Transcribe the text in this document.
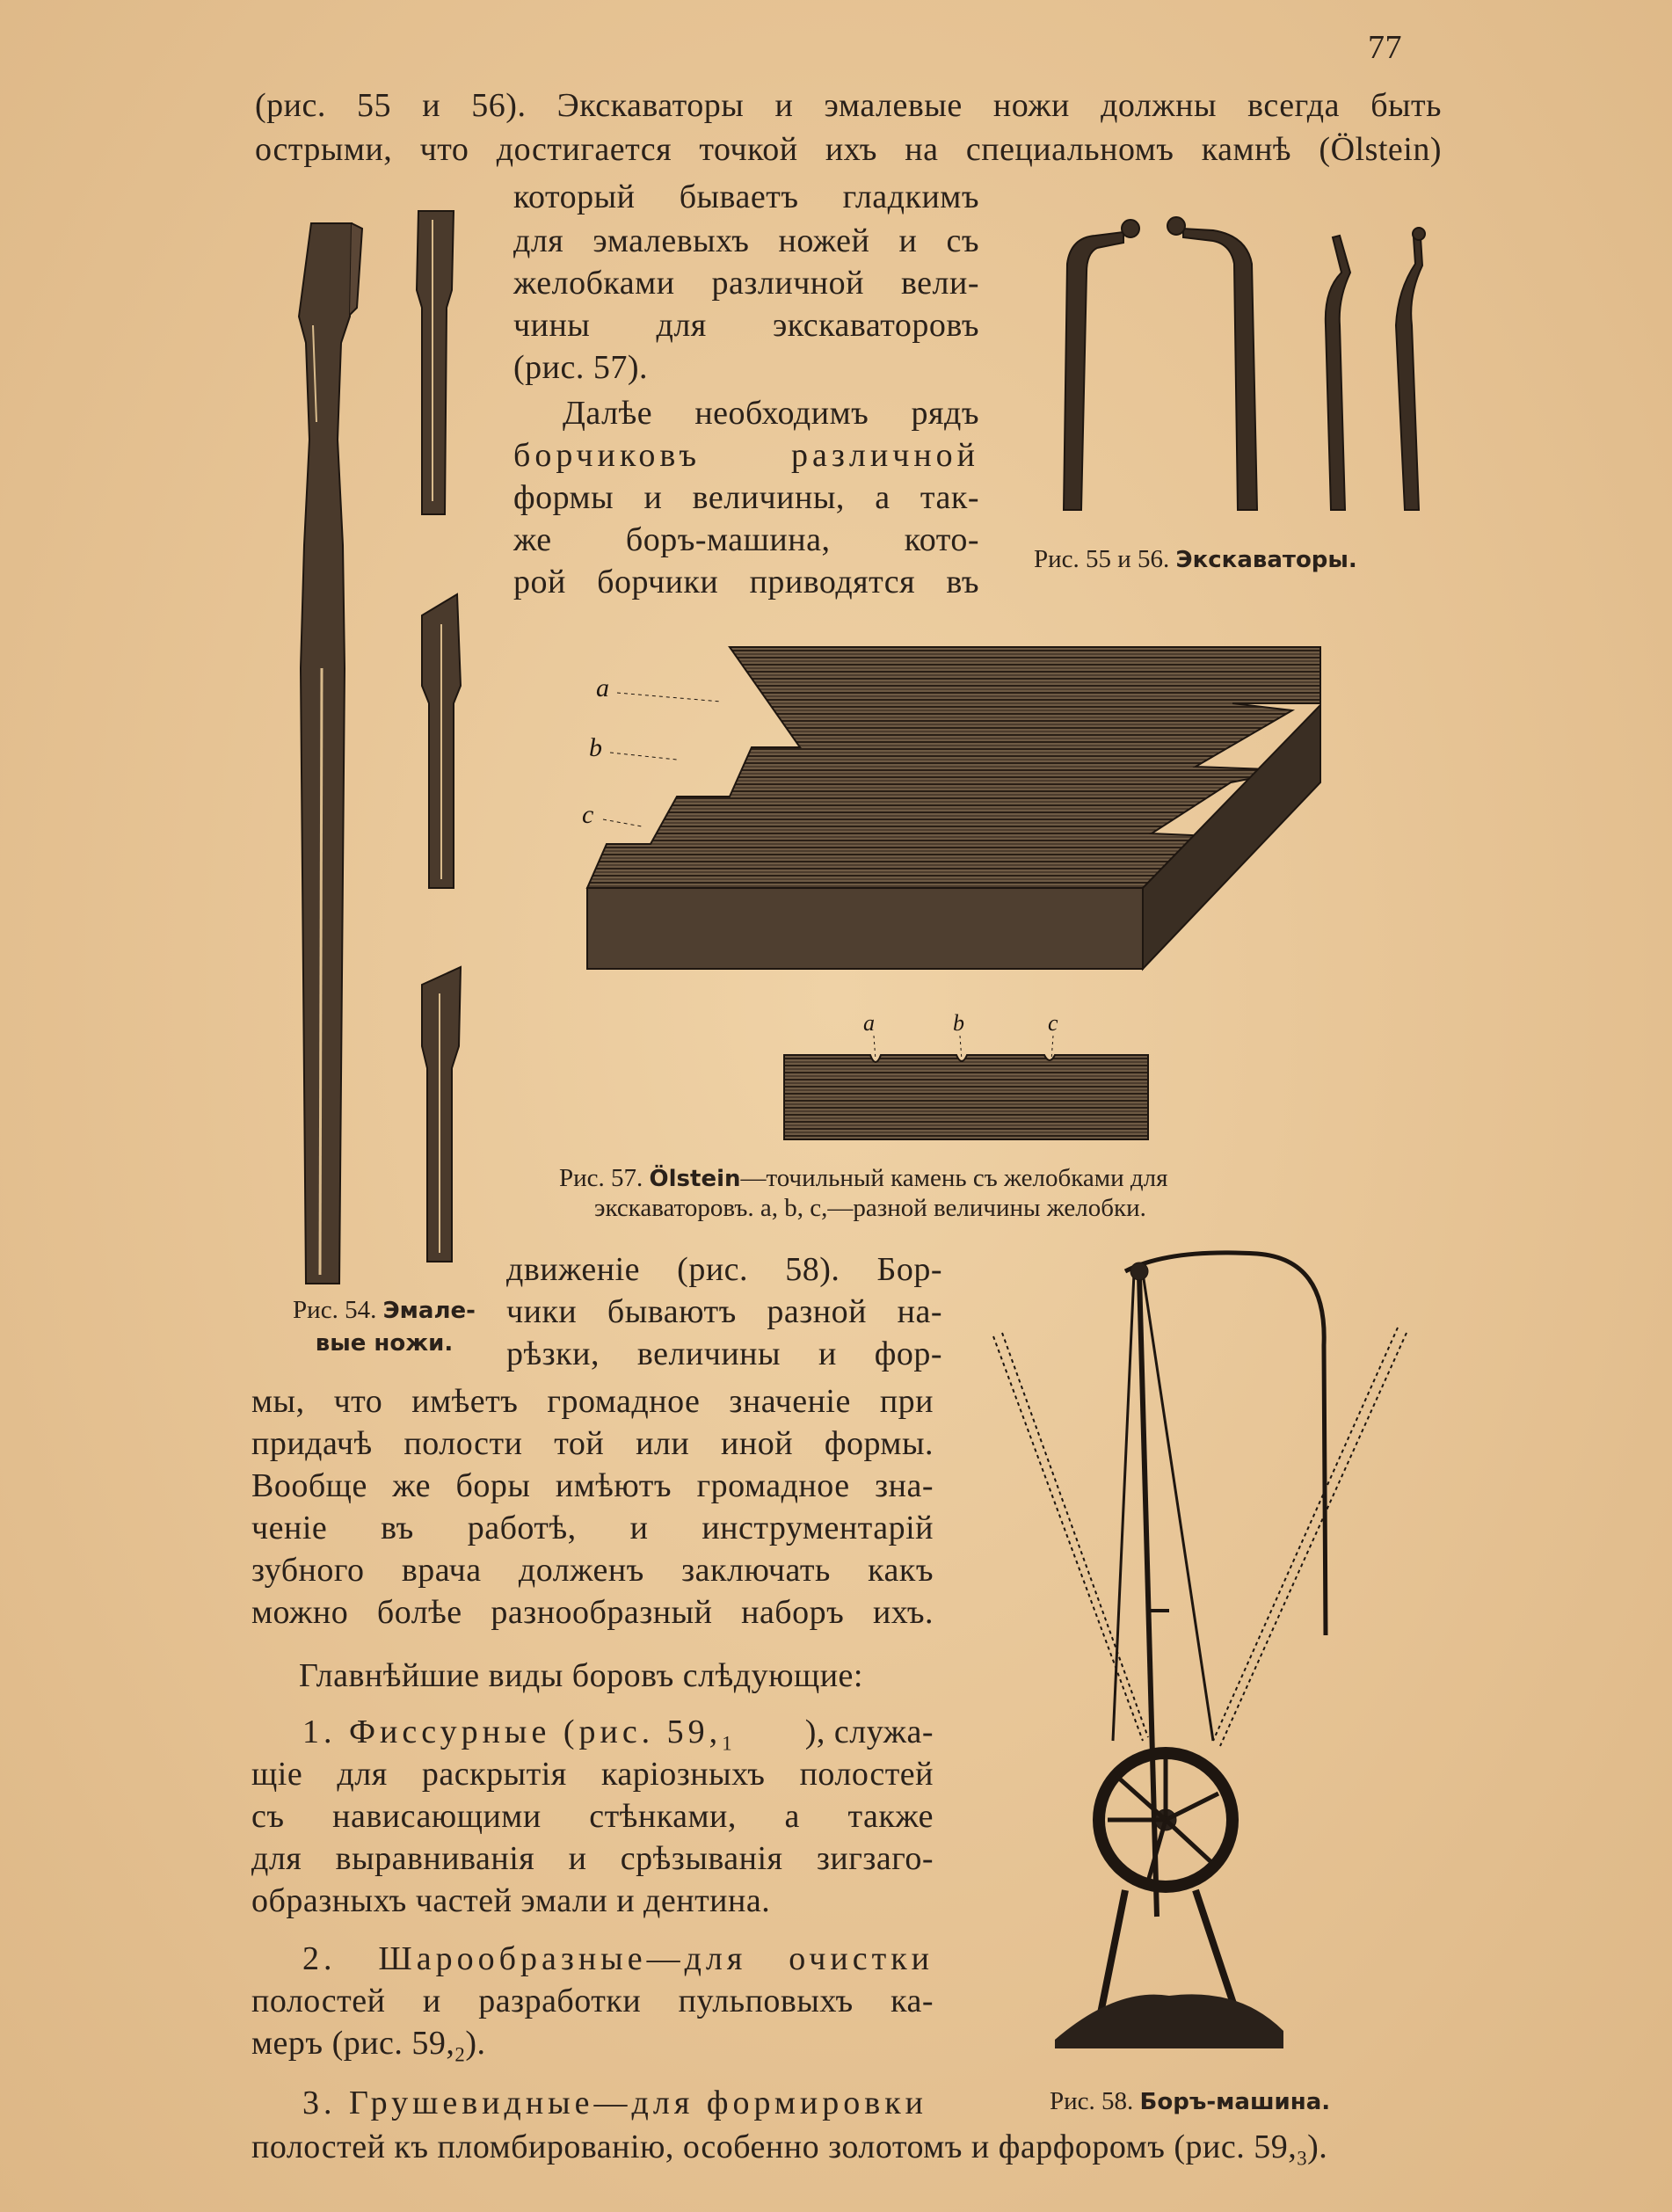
77
(рис. 55 и 56). Экскаваторы и эмалевые ножи должны всегда быть
острыми, что достигается точкой ихъ на специальномъ камнѣ (Ölstein)
который бываетъ гладкимъ
для эмалевыхъ ножей и съ
желобками различной вели-
чины для экскаваторовъ
(рис. 57).
Далѣе необходимъ рядъ
борчиковъ различной
формы и величины, а так-
же боръ-машина, кото-
рой борчики приводятся въ
движенiе (рис. 58). Бор-
чики бываютъ разной на-
рѣзки, величины и фор-
мы, что имѣетъ громадное значенiе при
придачѣ полости той или иной формы.
Вообще же боры имѣютъ громадное зна-
ченiе въ работѣ, и инструментарiй
зубного врача долженъ заключать какъ
можно болѣе разнообразный наборъ ихъ.
Главнѣйшие виды боровъ слѣдующие:
1. Фиссурные (рис. $59,_1$ ), служа-
щiе для раскрытiя карiозныхъ полостей
съ нависающими стѣнками, а также
для выравниванiя и срѣзыванiя зигзаго-
образныхъ частей эмали и дентина.
2. Шарообразные—для очистки
полостей и разработки пульповыхъ ка-
меръ (рис. $59,_2$).
3. Грушевидные—для формировки
полостей къ пломбированiю, особенно золотомъ и фарфоромъ (рис. $59,_3$).
Рис. 54. Эмале-
вые ножи.
Рис. 55 и 56. Экскаваторы.
Рис. 57. Ölstein—точильный камень съ желобками для
экскаваторовъ. a, b, c,—разной величины желобки.
Рис. 58. Боръ-машина.
a
b
c
a	b	c
